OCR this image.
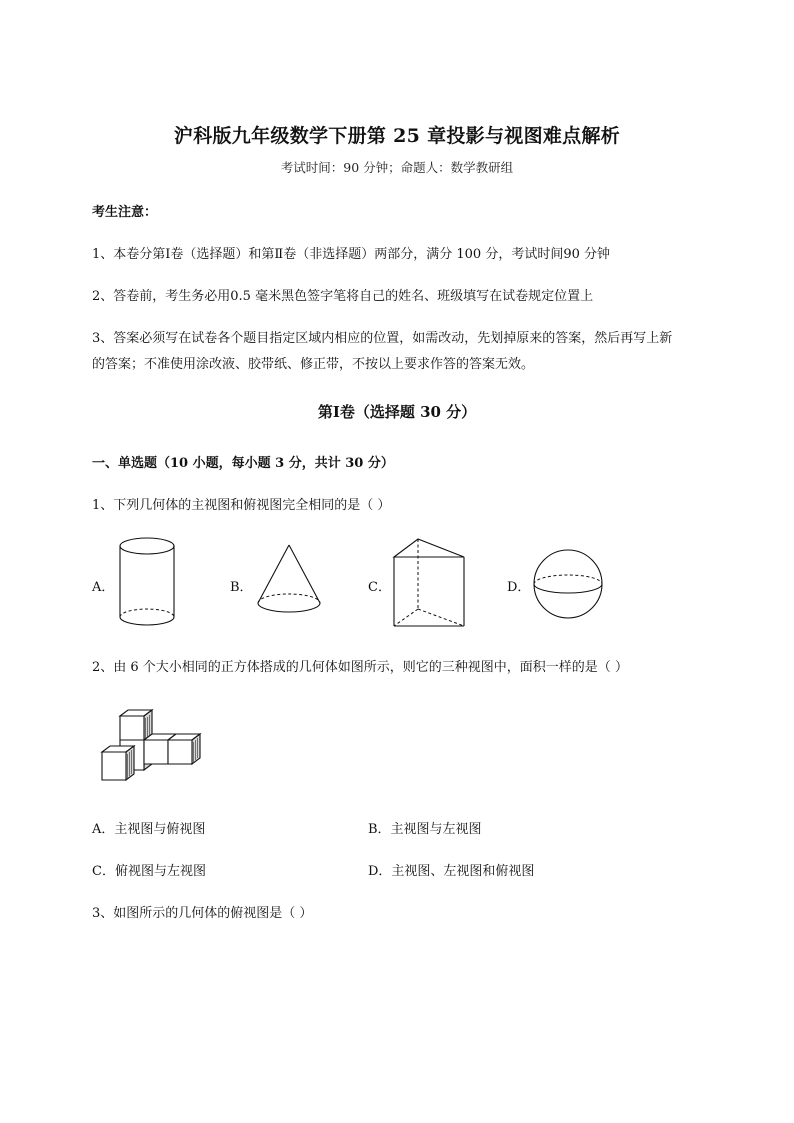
沪科版九年级数学下册第 25 章投影与视图难点解析
考试时间：90 分钟；命题人：数学教研组
考生注意：
1、本卷分第Ⅰ卷（选择题）和第Ⅱ卷（非选择题）两部分，满分 100 分，考试时间90 分钟
2、答卷前，考生务必用0.5 毫米黑色签字笔将自己的姓名、班级填写在试卷规定位置上
3、答案必须写在试卷各个题目指定区域内相应的位置，如需改动，先划掉原来的答案，然后再写上新
的答案；不准使用涂改液、胶带纸、修正带，不按以上要求作答的答案无效。
第Ⅰ卷（选择题 30 分）
一、单选题（10 小题，每小题 3 分，共计 30 分）
1、下列几何体的主视图和俯视图完全相同的是（ ）
A．	B．	C．	D．
2、由 6 个大小相同的正方体搭成的几何体如图所示，则它的三种视图中，面积一样的是（ ）
A．主视图与俯视图	B．主视图与左视图
C．俯视图与左视图	D．主视图、左视图和俯视图
3、如图所示的几何体的俯视图是（ ）
